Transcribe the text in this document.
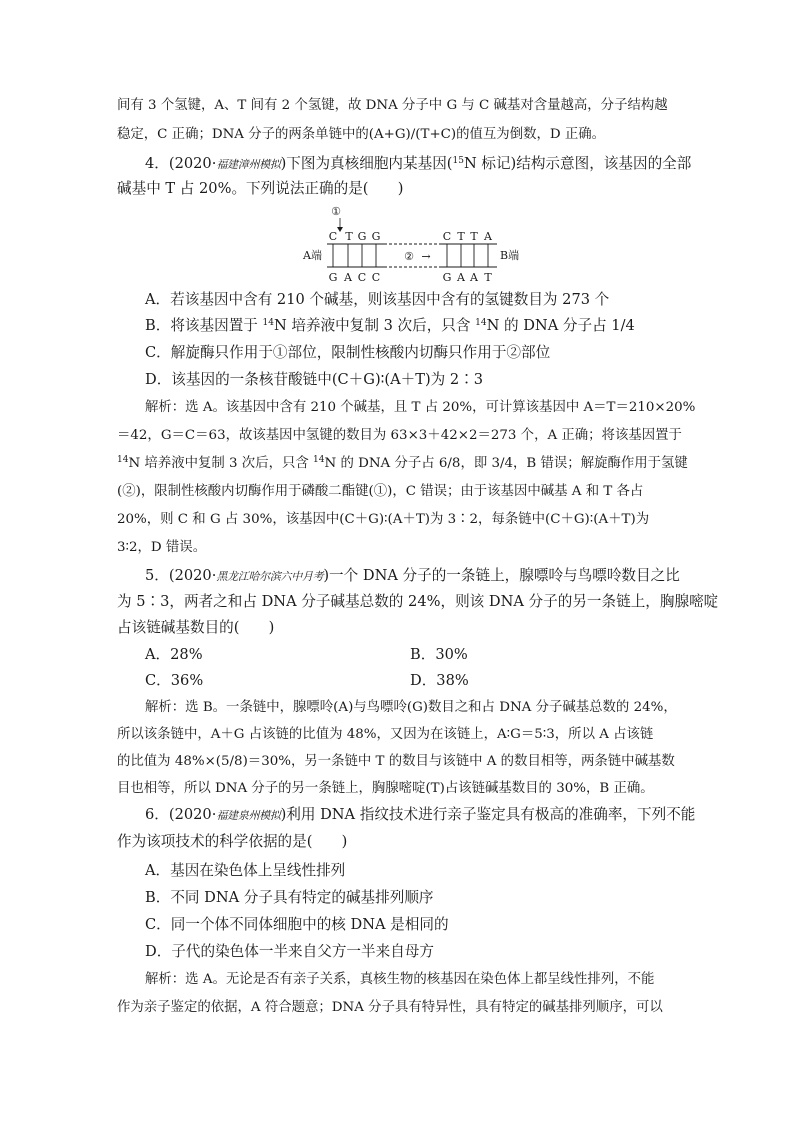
间有 3 个氢键，A、T 间有 2 个氢键，故 DNA 分子中 G 与 C 碱基对含量越高，分子结构越
稳定，C 正确；DNA 分子的两条单链中的(A+G)/(T+C)的值互为倒数，D 正确。
4．(2020·福建漳州模拟)下图为真核细胞内某基因($^{15}$N 标记)结构示意图，该基因的全部
碱基中 T 占 20%。下列说法正确的是(　　)
①
C T G G	C T T A
A端	B端
② →
G A C C	G A A T
A．若该基因中含有 210 个碱基，则该基因中含有的氢键数目为 273 个
B．将该基因置于 $^{14}$N 培养液中复制 3 次后，只含 $^{14}$N 的 DNA 分子占 1/4
C．解旋酶只作用于①部位，限制性核酸内切酶只作用于②部位
D．该基因的一条核苷酸链中(C＋G)∶(A＋T)为 2∶3
解析：选 A。该基因中含有 210 个碱基，且 T 占 20%，可计算该基因中 A＝T＝210×20%
＝42，G＝C＝63，故该基因中氢键的数目为 63×3＋42×2＝273 个，A 正确；将该基因置于
$^{14}$N 培养液中复制 3 次后，只含 $^{14}$N 的 DNA 分子占 6/8，即 3/4，B 错误；解旋酶作用于氢键
(②)，限制性核酸内切酶作用于磷酸二酯键(①)，C 错误；由于该基因中碱基 A 和 T 各占
20%，则 C 和 G 占 30%，该基因中(C＋G)∶(A＋T)为 3∶2，每条链中(C＋G)∶(A＋T)为
3∶2，D 错误。
5．(2020·黑龙江哈尔滨六中月考)一个 DNA 分子的一条链上，腺嘌呤与鸟嘌呤数目之比
为 5∶3，两者之和占 DNA 分子碱基总数的 24%，则该 DNA 分子的另一条链上，胸腺嘧啶
占该链碱基数目的(　　)
A．28%	B．30%
C．36%	D．38%
解析：选 B。一条链中，腺嘌呤(A)与鸟嘌呤(G)数目之和占 DNA 分子碱基总数的 24%，
所以该条链中，A＋G 占该链的比值为 48%，又因为在该链上，A∶G＝5∶3，所以 A 占该链
的比值为 48%×(5/8)＝30%，另一条链中 T 的数目与该链中 A 的数目相等，两条链中碱基数
目也相等，所以 DNA 分子的另一条链上，胸腺嘧啶(T)占该链碱基数目的 30%，B 正确。
6．(2020·福建泉州模拟)利用 DNA 指纹技术进行亲子鉴定具有极高的准确率，下列不能
作为该项技术的科学依据的是(　　)
A．基因在染色体上呈线性排列
B．不同 DNA 分子具有特定的碱基排列顺序
C．同一个体不同体细胞中的核 DNA 是相同的
D．子代的染色体一半来自父方一半来自母方
解析：选 A。无论是否有亲子关系，真核生物的核基因在染色体上都呈线性排列，不能
作为亲子鉴定的依据，A 符合题意；DNA 分子具有特异性，具有特定的碱基排列顺序，可以
